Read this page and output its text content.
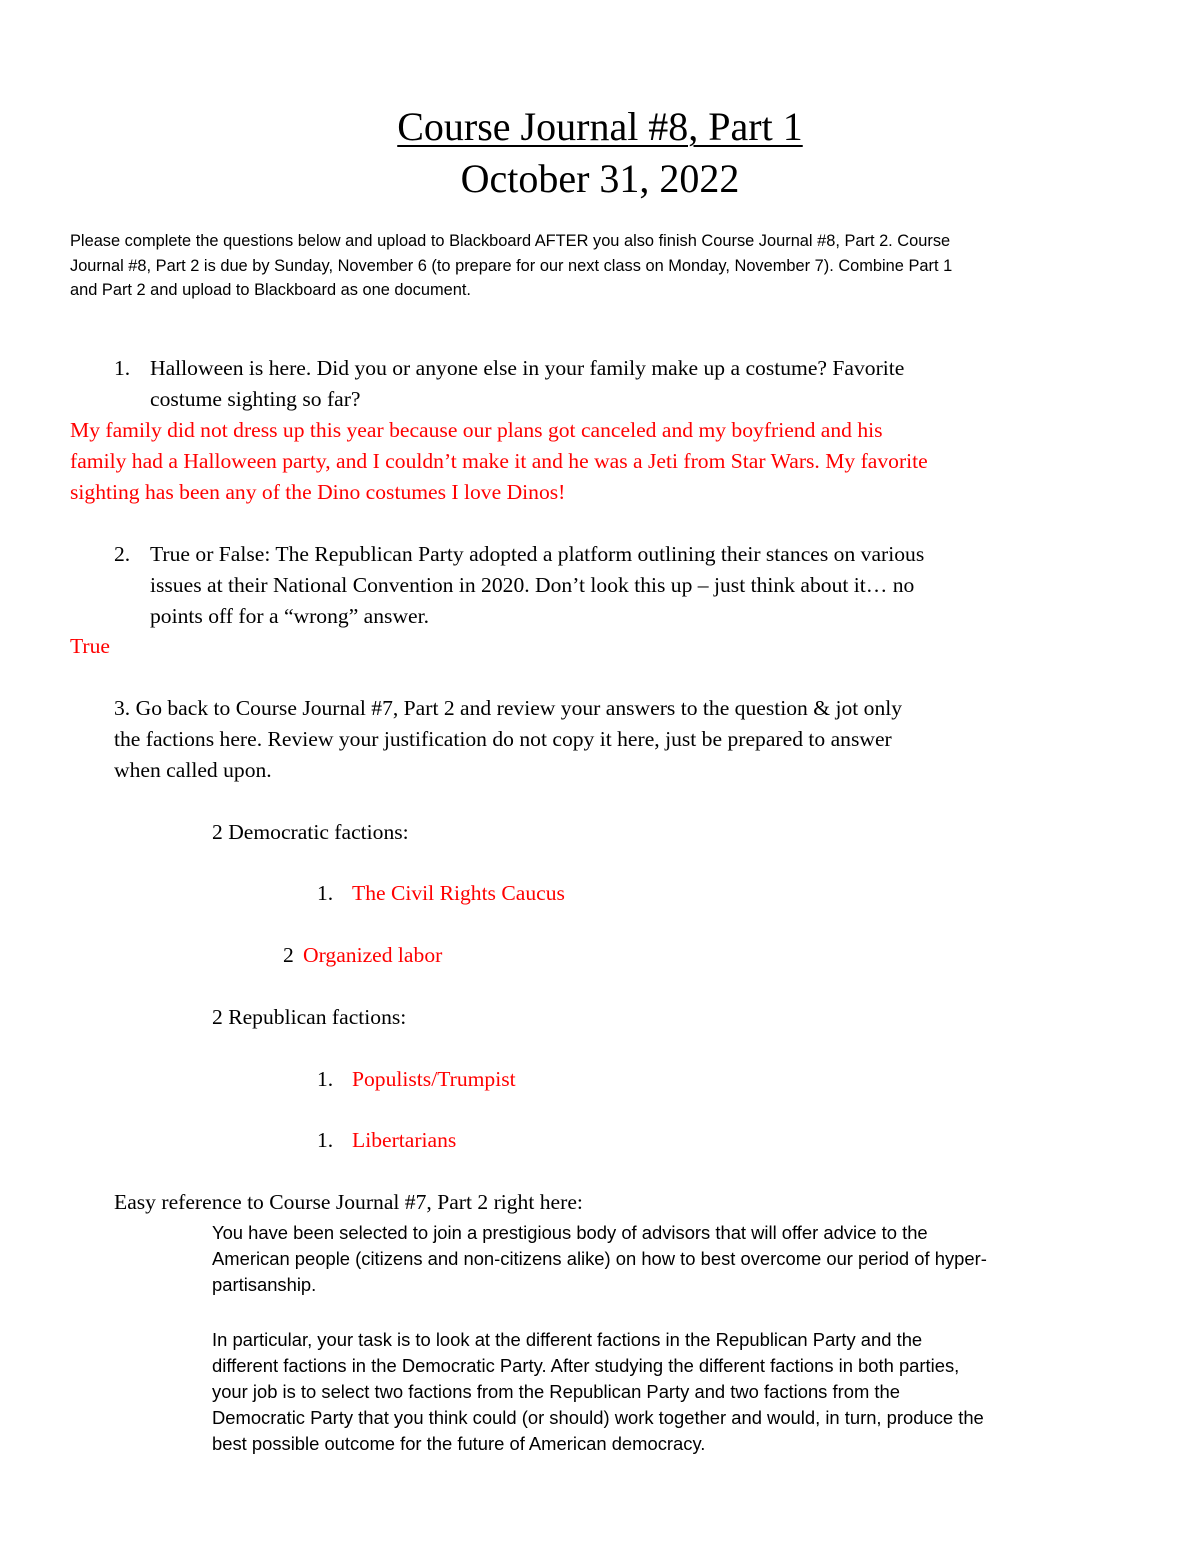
Course Journal #8, Part 1
October 31, 2022

Please complete the questions below and upload to Blackboard AFTER you also finish Course Journal #8, Part 2. Course

Journal #8, Part 2 is due by Sunday, November 6 (to prepare for our next class on Monday, November 7). Combine Part 1

and Part 2 and upload to Blackboard as one document.

1. Halloween is here. Did you or anyone else in your family make up a costume? Favorite
costume sighting so far?
My family did not dress up this year because our plans got canceled and my boyfriend and his
family had a Halloween party, and I couldn’t make it and he was a Jeti from Star Wars. My favorite
sighting has been any of the Dino costumes I love Dinos!
2. True or False: The Republican Party adopted a platform outlining their stances on various
issues at their National Convention in 2020. Don’t look this up – just think about it… no
points off for a “wrong” answer.
True
3. Go back to Course Journal #7, Part 2 and review your answers to the question & jot only
the factions here. Review your justification do not copy it here, just be prepared to answer
when called upon.
2 Democratic factions:
1. The Civil Rights Caucus
2 Organized labor
2 Republican factions:
1. Populists/Trumpist
1. Libertarians
Easy reference to Course Journal #7, Part 2 right here:
You have been selected to join a prestigious body of advisors that will offer advice to the
American people (citizens and non-citizens alike) on how to best overcome our period of hyper-
partisanship.
In particular, your task is to look at the different factions in the Republican Party and the
different factions in the Democratic Party. After studying the different factions in both parties,
your job is to select two factions from the Republican Party and two factions from the
Democratic Party that you think could (or should) work together and would, in turn, produce the
best possible outcome for the future of American democracy.
